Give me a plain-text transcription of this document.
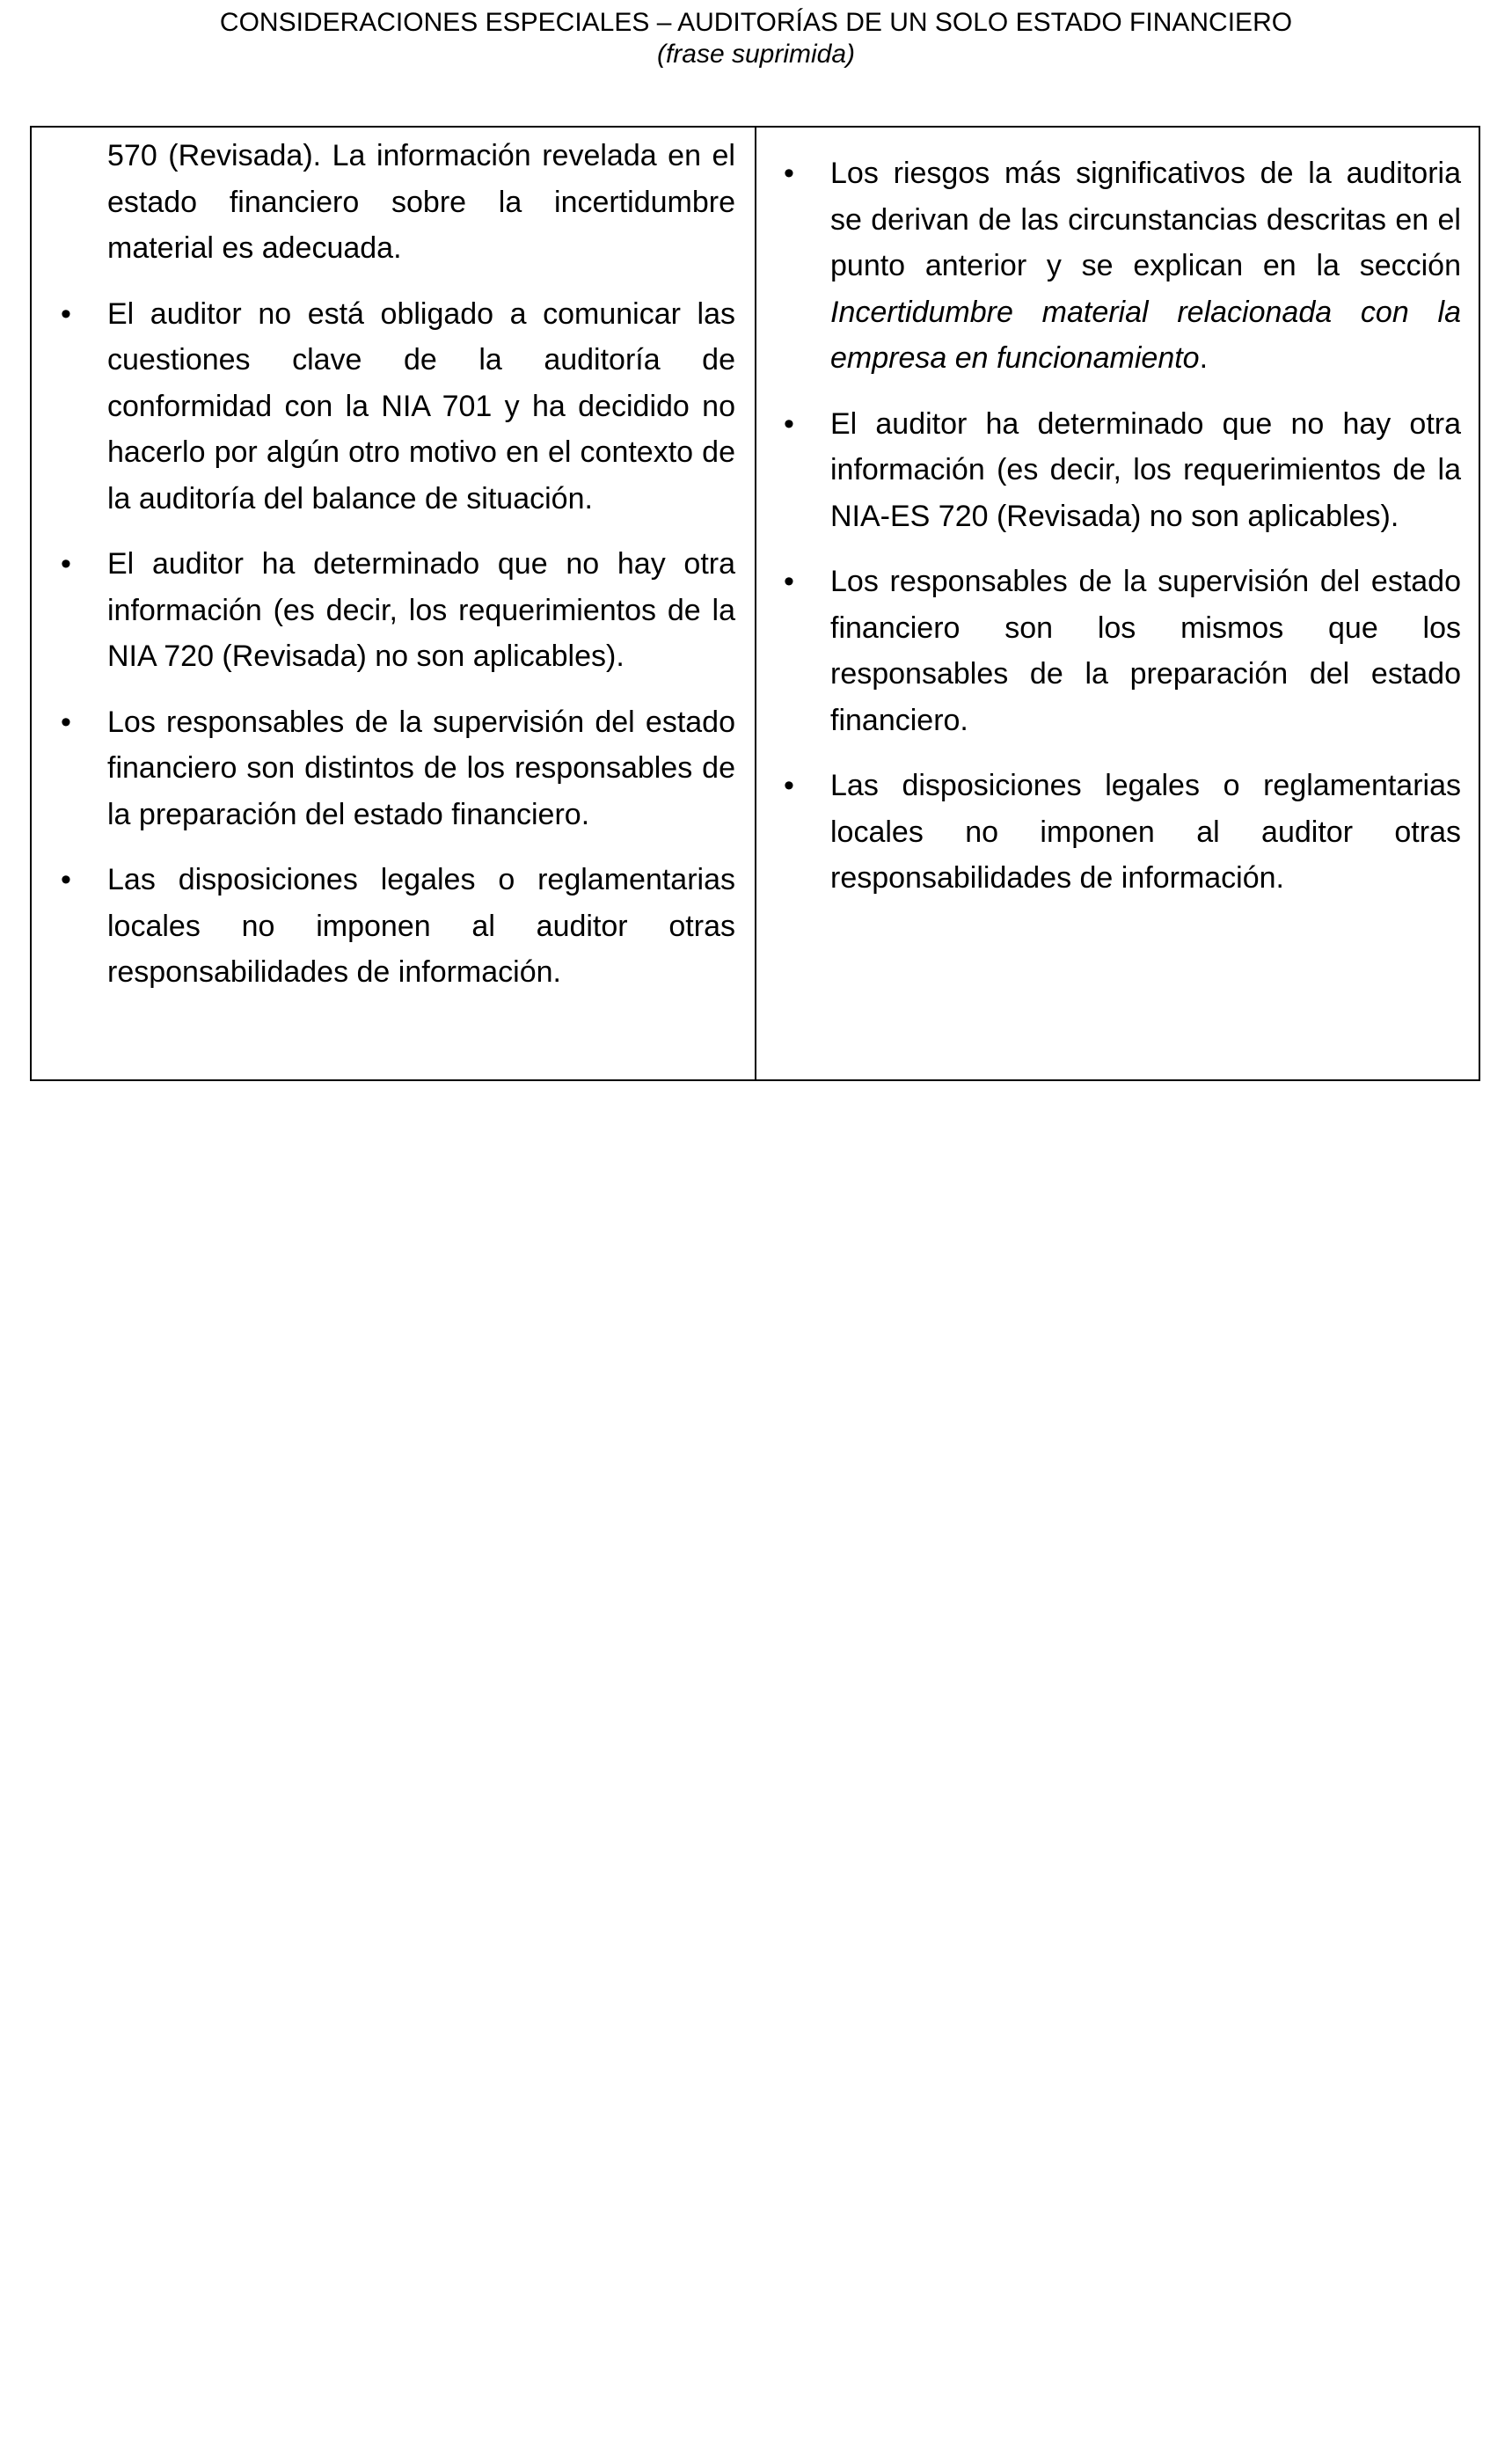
CONSIDERACIONES ESPECIALES – AUDITORÍAS DE UN SOLO ESTADO FINANCIERO
(frase suprimida)

570 (Revisada). La información revelada en el estado financiero sobre la incertidumbre material es adecuada.

• El auditor no está obligado a comunicar las cuestiones clave de la auditoría de conformidad con la NIA 701 y ha decidido no hacerlo por algún otro motivo en el contexto de la auditoría del balance de situación.
• El auditor ha determinado que no hay otra información (es decir, los requerimientos de la NIA 720 (Revisada) no son aplicables).
• Los responsables de la supervisión del estado financiero son distintos de los responsables de la preparación del estado financiero.
• Las disposiciones legales o reglamentarias locales no imponen al auditor otras responsabilidades de información.
• Los riesgos más significativos de la auditoria se derivan de las circunstancias descritas en el punto anterior y se explican en la sección Incertidumbre material relacionada con la empresa en funcionamiento.
• El auditor ha determinado que no hay otra información (es decir, los requerimientos de la NIA-ES 720 (Revisada) no son aplicables).
• Los responsables de la supervisión del estado financiero son los mismos que los responsables de la preparación del estado financiero.
• Las disposiciones legales o reglamentarias locales no imponen al auditor otras responsabilidades de información.
